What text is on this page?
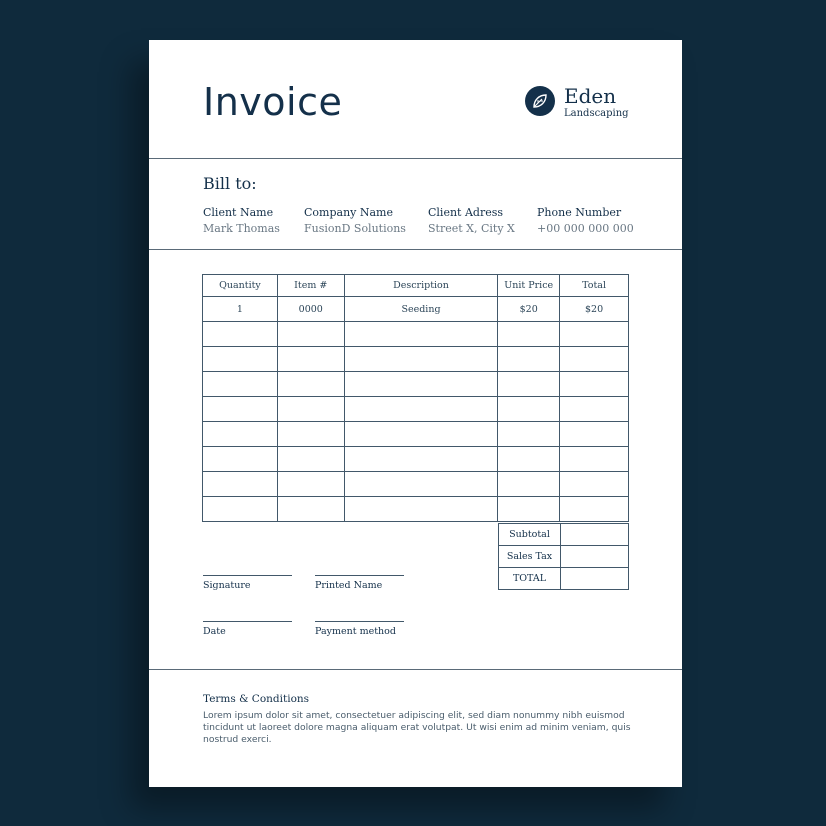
Invoice	Eden
Landscaping
Bill to:
Client Name
Mark Thomas
Company Name
FusionD Solutions
Client Adress
Street X, City X
Phone Number
+00 000 000 000
Quantity	Item #	Description	Unit Price	Total
1	0000	Seeding	$20	$20

Subtotal	
Sales Tax	
TOTAL	
Signature	Printed Name
Date	Payment method
Terms & Conditions
Lorem ipsum dolor sit amet, consectetuer adipiscing elit, sed diam nonummy nibh euismod tincidunt ut laoreet dolore magna aliquam erat volutpat. Ut wisi enim ad minim veniam, quis nostrud exerci.
